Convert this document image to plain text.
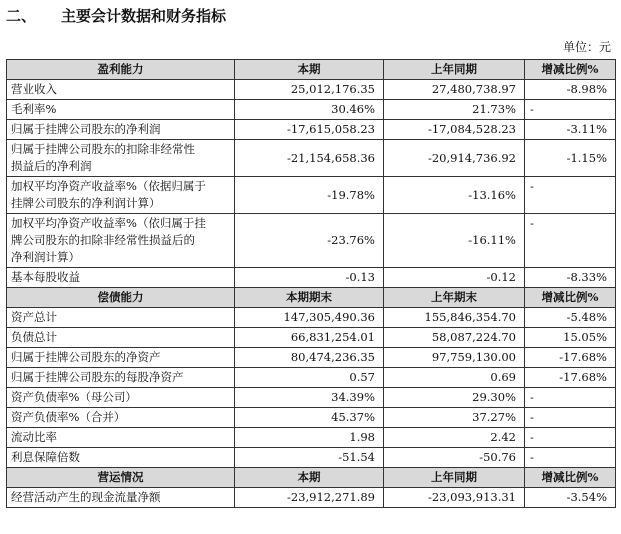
二、	主要会计数据和财务指标
单位：元
盈利能力	本期	上年同期	增减比例%
营业收入	25,012,176.35	27,480,738.97	-8.98%
毛利率%	30.46%	21.73%	-
归属于挂牌公司股东的净利润	-17,615,058.23	-17,084,528.23	-3.11%

归属于挂牌公司股东的扣除非经常性
损益后的净利润	-21,154,658.36	-20,914,736.92	-1.15%

加权平均净资产收益率%（依据归属于
挂牌公司股东的净利润计算）	-19.78%	-13.16%	-

加权平均净资产收益率%（依归属于挂
牌公司股东的扣除非经常性损益后的
净利润计算）	-23.76%	-16.11%	-
基本每股收益	-0.13	-0.12	-8.33%
偿债能力	本期期末	上年期末	增减比例%
资产总计	147,305,490.36	155,846,354.70	-5.48%
负债总计	66,831,254.01	58,087,224.70	15.05%
归属于挂牌公司股东的净资产	80,474,236.35	97,759,130.00	-17.68%
归属于挂牌公司股东的每股净资产	0.57	0.69	-17.68%
资产负债率%（母公司）	34.39%	29.30%	-
资产负债率%（合并）	45.37%	37.27%	-
流动比率	1.98	2.42	-
利息保障倍数	-51.54	-50.76	-
营运情况	本期	上年同期	增减比例%
经营活动产生的现金流量净额	-23,912,271.89	-23,093,913.31	-3.54%
